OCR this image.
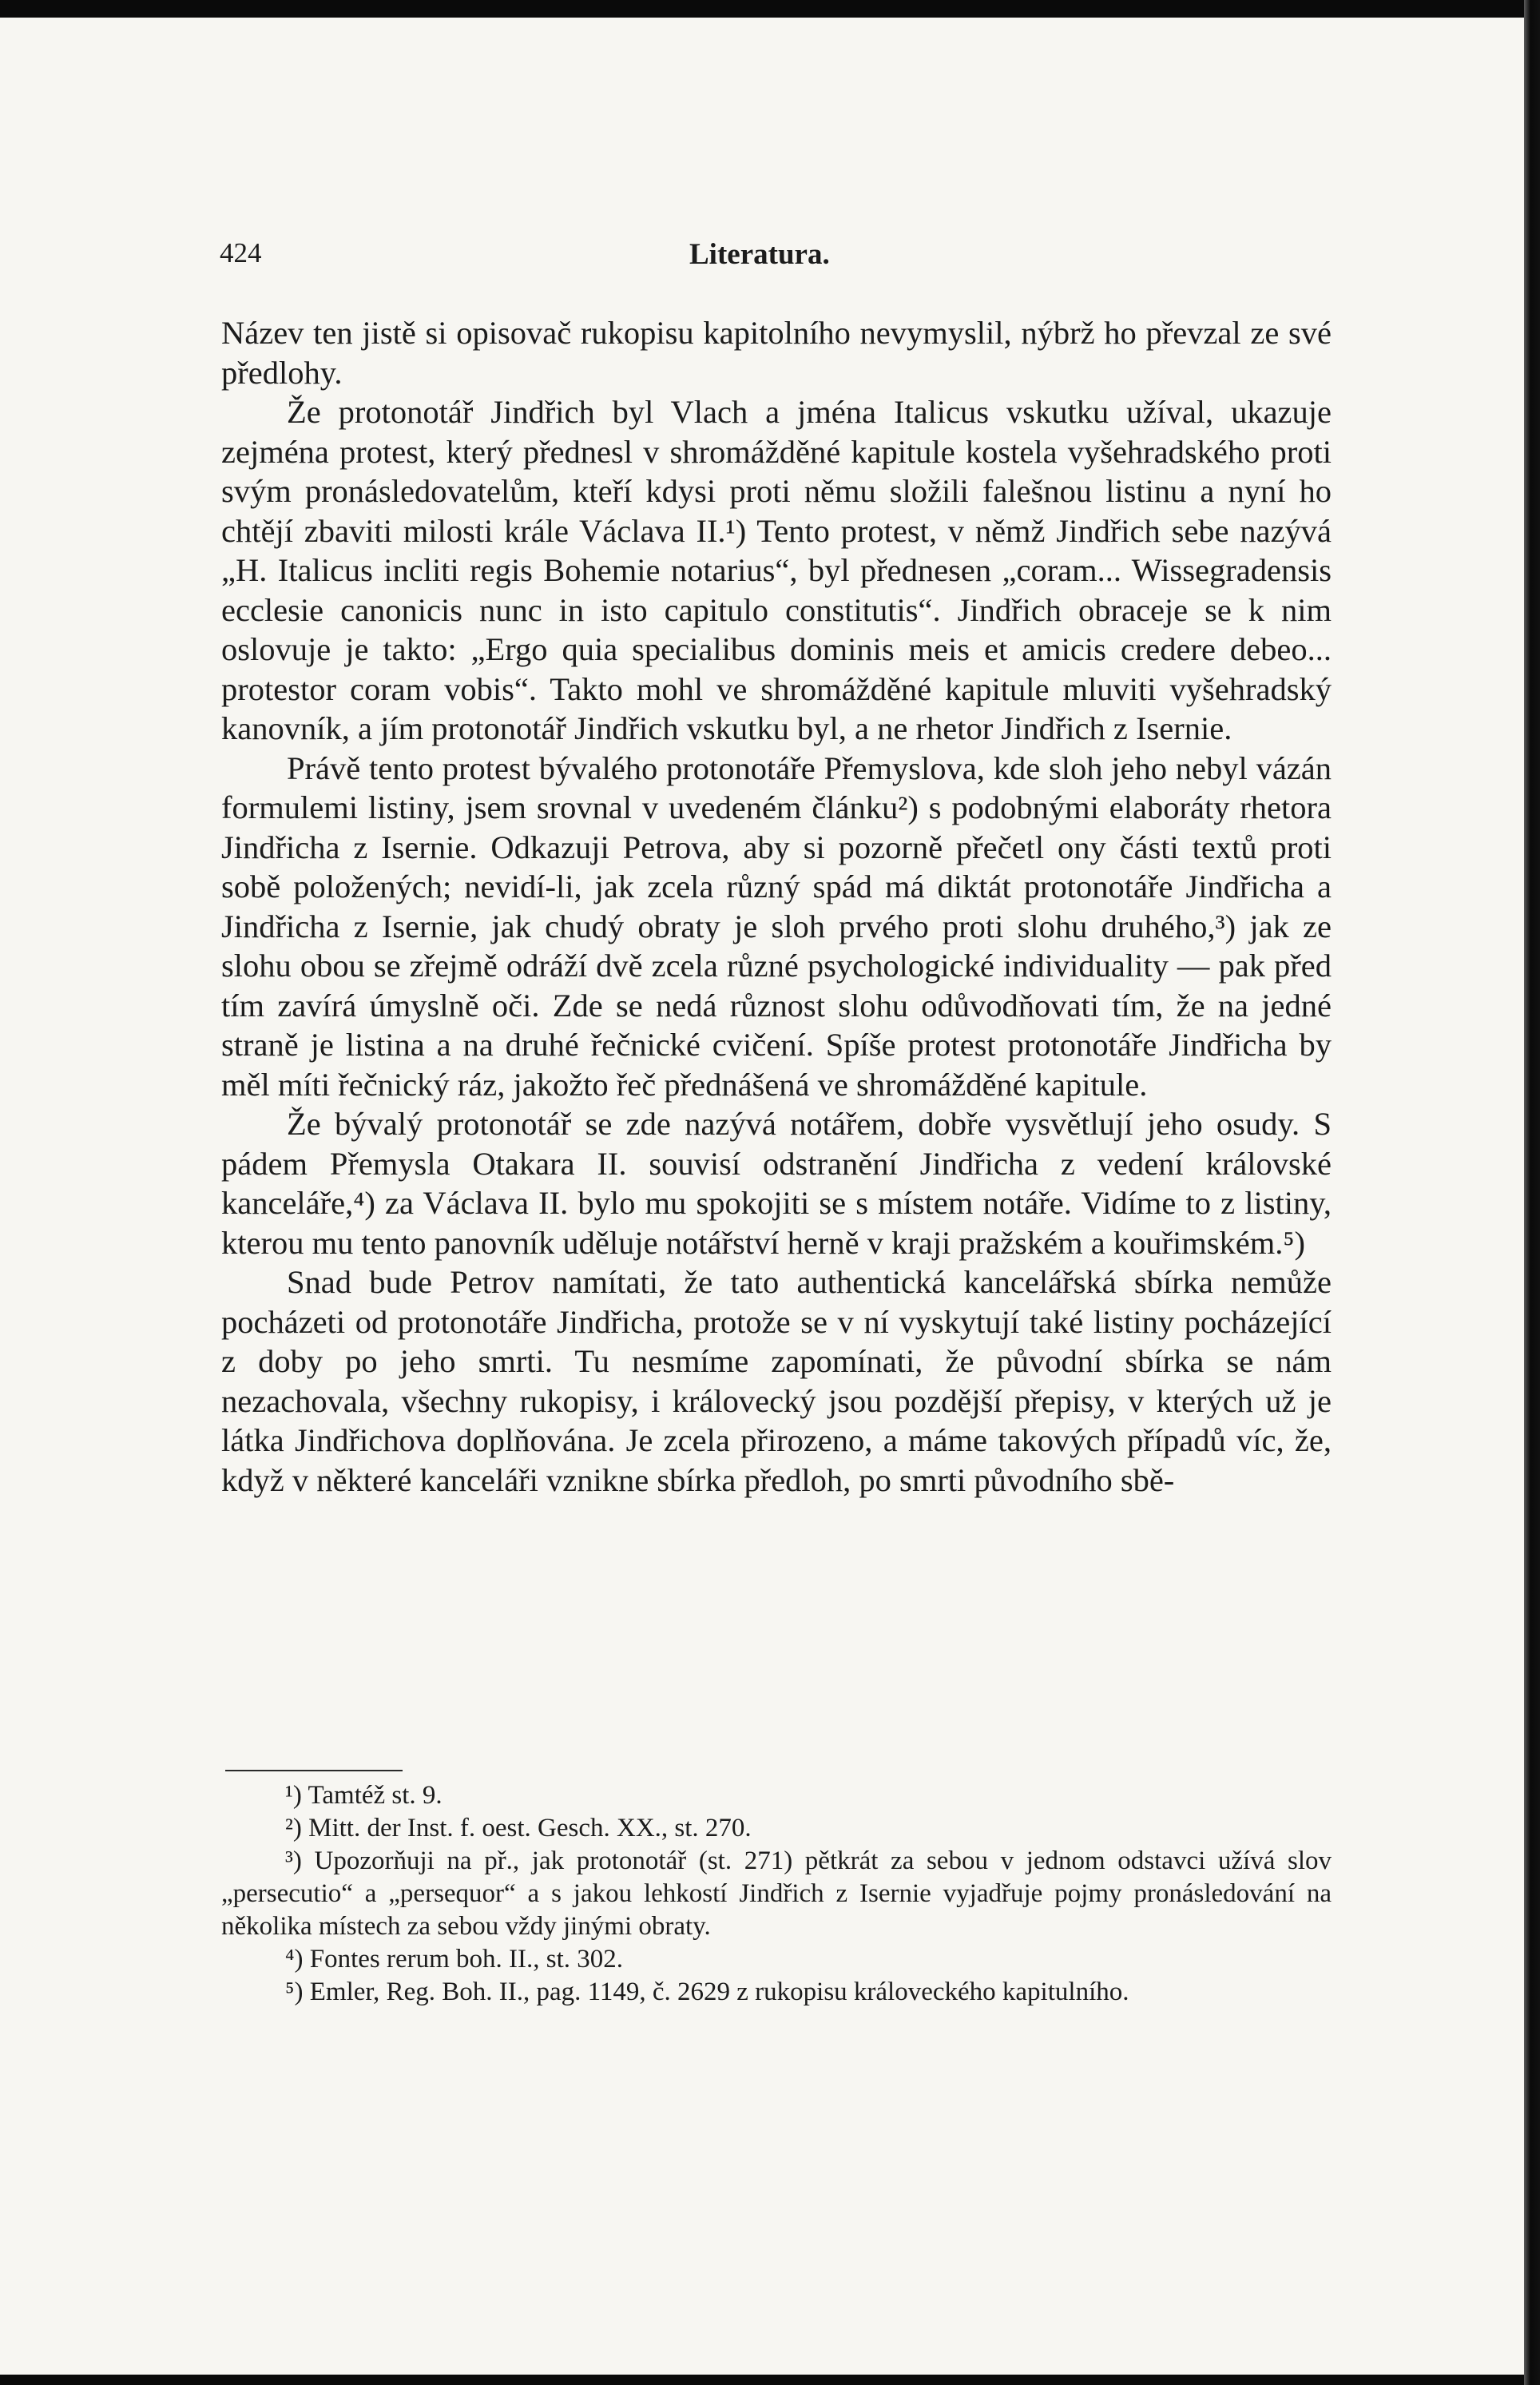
424	Literatura.

Název ten jistě si opisovač rukopisu kapitolního nevymyslil, nýbrž ho převzal ze své předlohy.

Že protonotář Jindřich byl Vlach a jména Italicus vskutku užíval, ukazuje zejména protest, který přednesl v shromážděné kapitule kostela vyšehradského proti svým pronásledovatelům, kteří kdysi proti němu složili falešnou listinu a nyní ho chtějí zbaviti milosti krále Václava II.¹) Tento protest, v němž Jindřich sebe nazývá „H. Italicus incliti regis Bohemie notarius“, byl přednesen „coram... Wissegradensis ecclesie canonicis nunc in isto capitulo constitutis“. Jindřich obraceje se k nim oslovuje je takto: „Ergo quia specialibus dominis meis et amicis credere debeo... protestor coram vobis“. Takto mohl ve shromážděné kapitule mluviti vyšehradský kanovník, a jím protonotář Jindřich vskutku byl, a ne rhetor Jindřich z Isernie.

Právě tento protest bývalého protonotáře Přemyslova, kde sloh jeho nebyl vázán formulemi listiny, jsem srovnal v uvedeném článku²) s podobnými elaboráty rhetora Jindřicha z Isernie. Odkazuji Petrova, aby si pozorně přečetl ony části textů proti sobě položených; nevidí-li, jak zcela různý spád má diktát protonotáře Jindřicha a Jindřicha z Isernie, jak chudý obraty je sloh prvého proti slohu druhého,³) jak ze slohu obou se zřejmě odráží dvě zcela různé psychologické individuality — pak před tím zavírá úmyslně oči. Zde se nedá různost slohu odůvodňovati tím, že na jedné straně je listina a na druhé řečnické cvičení. Spíše protest protonotáře Jindřicha by měl míti řečnický ráz, jakožto řeč přednášená ve shromážděné kapitule.

Že bývalý protonotář se zde nazývá notářem, dobře vysvětlují jeho osudy. S pádem Přemysla Otakara II. souvisí odstranění Jindřicha z vedení královské kanceláře,⁴) za Václava II. bylo mu spokojiti se s místem notáře. Vidíme to z listiny, kterou mu tento panovník uděluje notářství herně v kraji pražském a kouřimském.⁵)

Snad bude Petrov namítati, že tato authentická kancelářská sbírka nemůže pocházeti od protonotáře Jindřicha, protože se v ní vyskytují také listiny pocházející z doby po jeho smrti. Tu nesmíme zapomínati, že původní sbírka se nám nezachovala, všechny rukopisy, i královecký jsou pozdější přepisy, v kterých už je látka Jindřichova doplňována. Je zcela přirozeno, a máme takových případů víc, že, když v některé kanceláři vznikne sbírka předloh, po smrti původního sbě-

¹) Tamtéž st. 9.

²) Mitt. der Inst. f. oest. Gesch. XX., st. 270.

³) Upozorňuji na př., jak protonotář (st. 271) pětkrát za sebou v jednom odstavci užívá slov „persecutio“ a „persequor“ a s jakou lehkostí Jindřich z Isernie vyjadřuje pojmy pronásledování na několika místech za sebou vždy jinými obraty.

⁴) Fontes rerum boh. II., st. 302.

⁵) Emler, Reg. Boh. II., pag. 1149, č. 2629 z rukopisu královeckého kapitulního.
